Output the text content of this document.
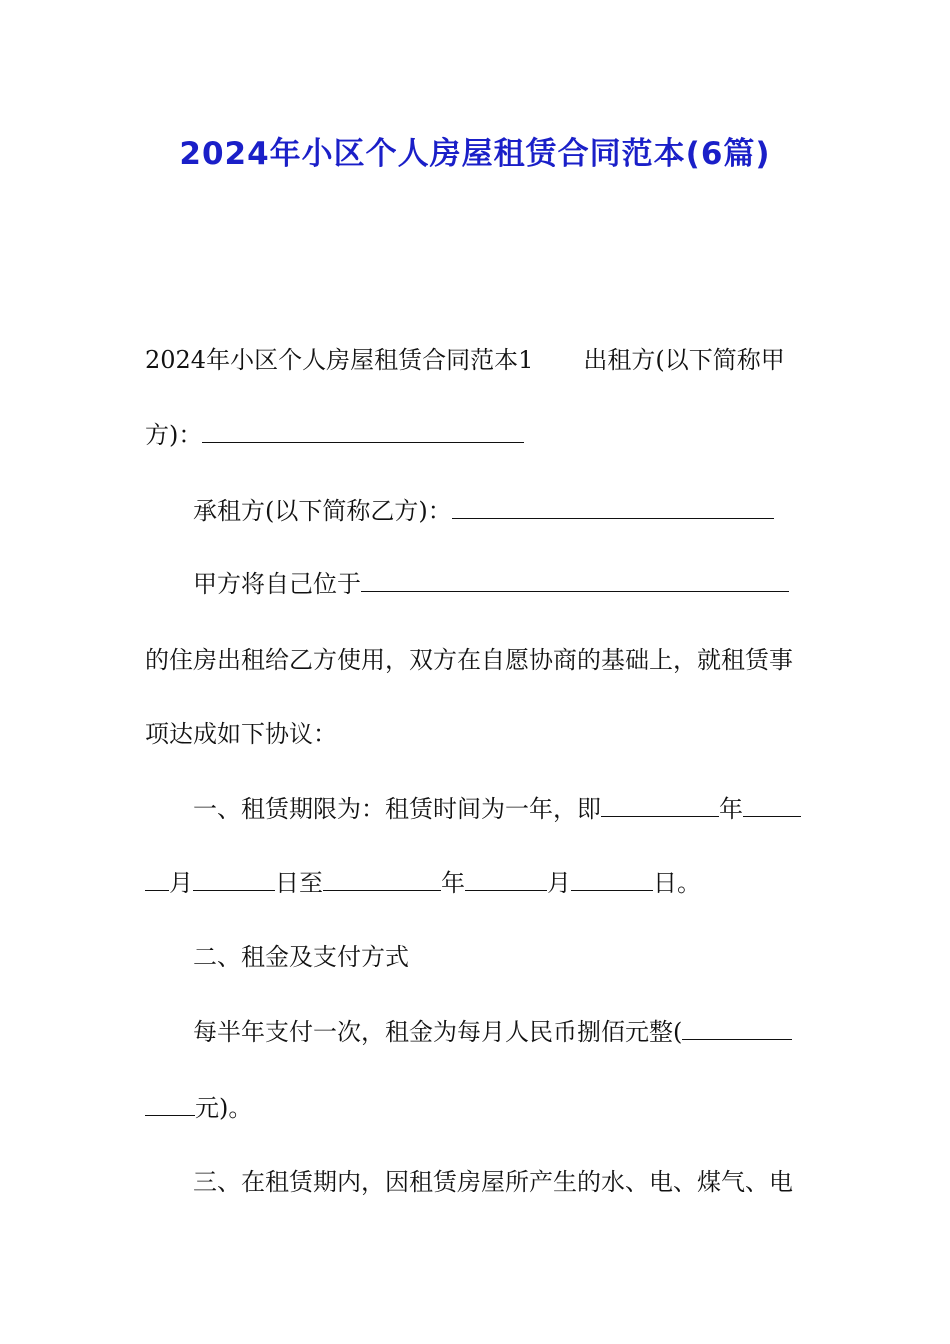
2024年小区个人房屋租赁合同范本(6篇)
2024年小区个人房屋租赁合同范本1 出租方(以下简称甲
方)：
承租方(以下简称乙方)：
甲方将自己位于
的住房出租给乙方使用，双方在自愿协商的基础上，就租赁事
项达成如下协议：
一、租赁期限为：租赁时间为一年，即	年
月	日至	年	月	日。
二、租金及支付方式
每半年支付一次，租金为每月人民币捌佰元整(
元)。
三、在租赁期内，因租赁房屋所产生的水、电、煤气、电
